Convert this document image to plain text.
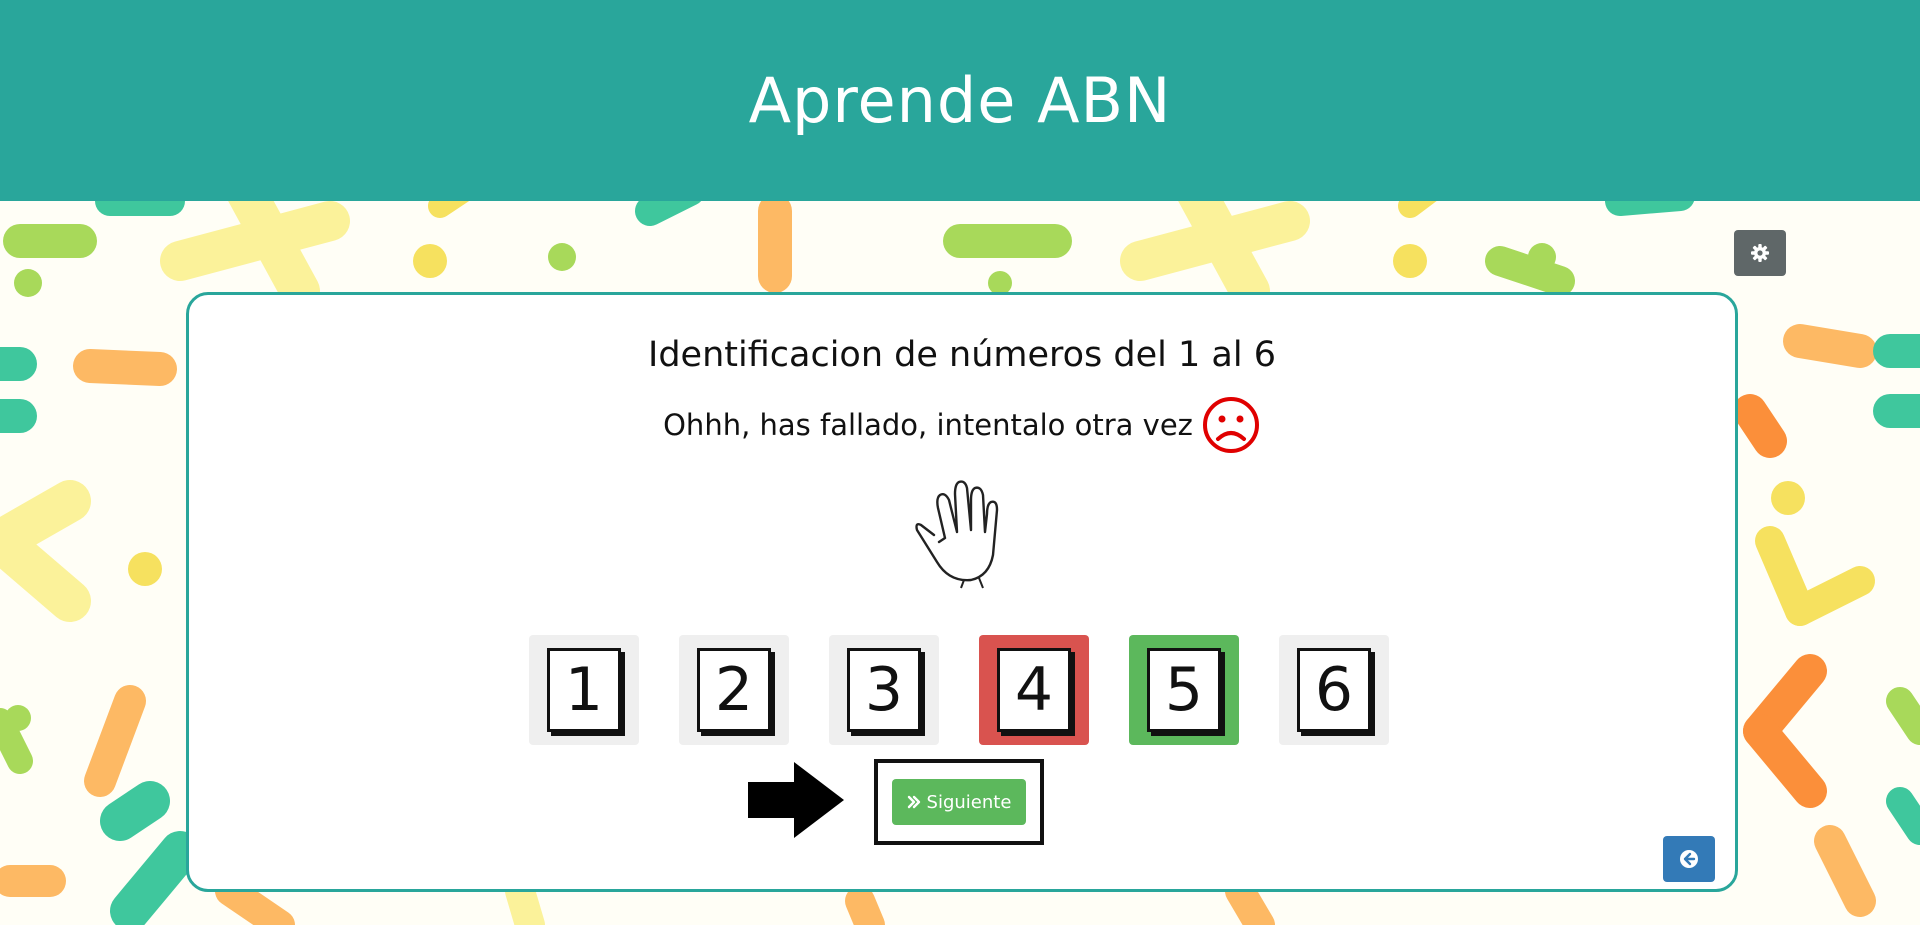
Aprende ABN
Identificacion de números del 1 al 6
Ohhh, has fallado, intentalo otra vez
1 2 3 4 5 6
Siguiente
